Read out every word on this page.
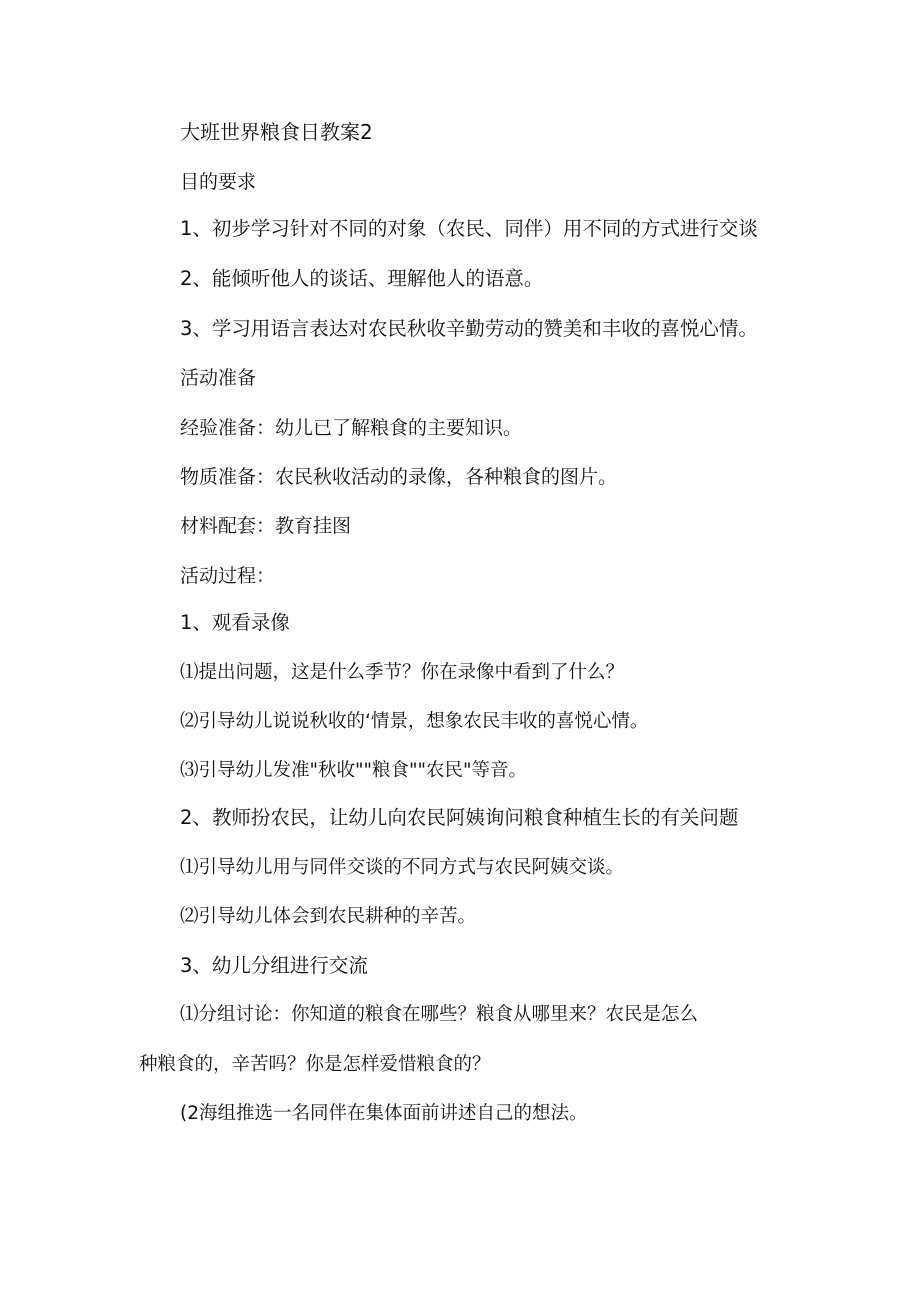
大班世界粮食日教案2
目的要求
1、初步学习针对不同的对象（农民、同伴）用不同的方式进行交谈
2、能倾听他人的谈话、理解他人的语意。
3、学习用语言表达对农民秋收辛勤劳动的赞美和丰收的喜悦心情。
活动准备
经验准备：幼儿已了解粮食的主要知识。
物质准备：农民秋收活动的录像，各种粮食的图片。
材料配套：教育挂图
活动过程：
1、观看录像
⑴提出问题，这是什么季节？你在录像中看到了什么？
⑵引导幼儿说说秋收的‘情景，想象农民丰收的喜悦心情。
⑶引导幼儿发准"秋收""粮食""农民"等音。
2、教师扮农民，让幼儿向农民阿姨询问粮食种植生长的有关问题
⑴引导幼儿用与同伴交谈的不同方式与农民阿姨交谈。
⑵引导幼儿体会到农民耕种的辛苦。
3、幼儿分组进行交流
⑴分组讨论：你知道的粮食在哪些？粮食从哪里来？农民是怎么
种粮食的，辛苦吗？你是怎样爱惜粮食的？
(2海组推选一名同伴在集体面前讲述自己的想法。
